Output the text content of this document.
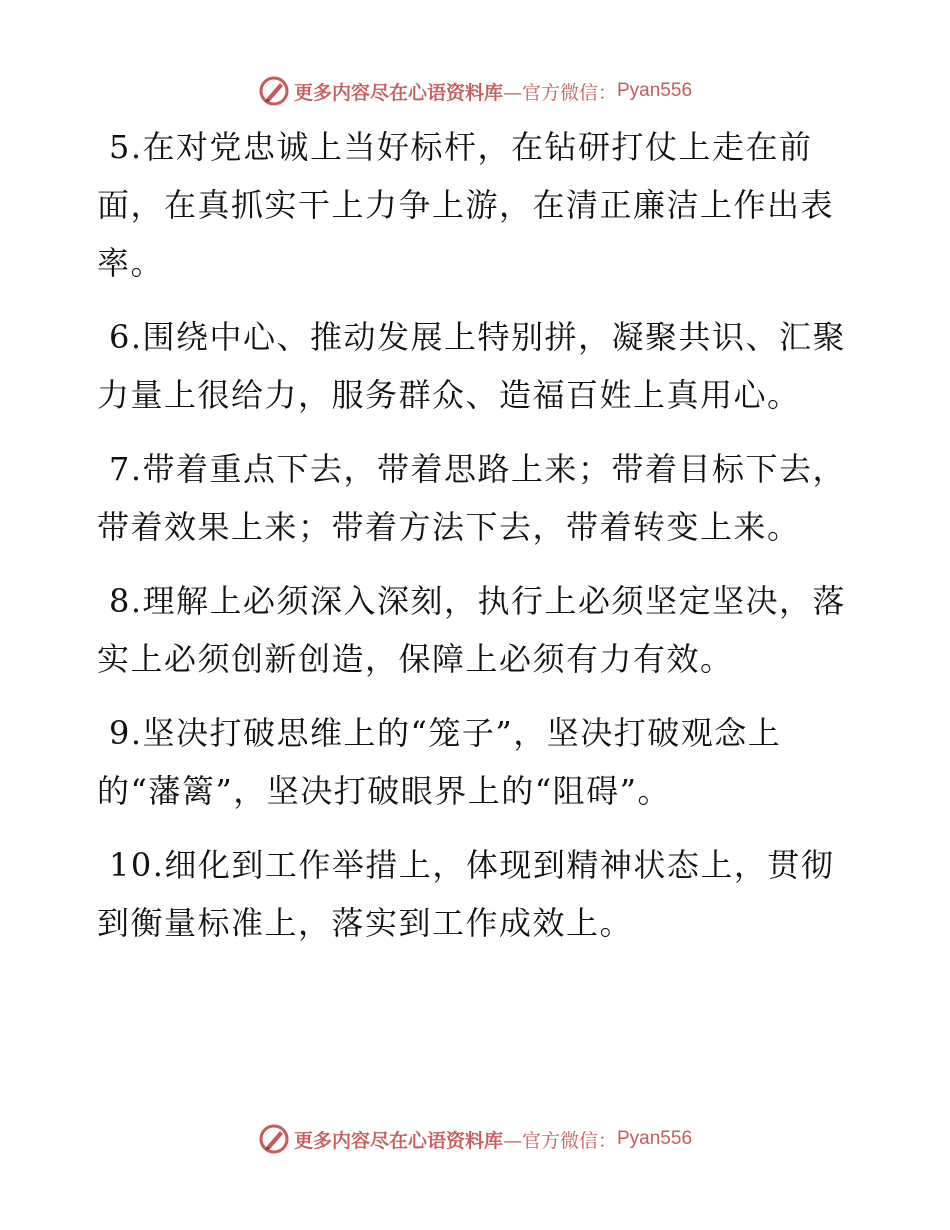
更多内容尽在心语资料库 —官方微信： Pyan556

5.在对党忠诚上当好标杆，在钻研打仗上走在前面，在真抓实干上力争上游，在清正廉洁上作出表率。

6.围绕中心、推动发展上特别拼，凝聚共识、汇聚力量上很给力，服务群众、造福百姓上真用心。

7.带着重点下去，带着思路上来；带着目标下去，带着效果上来；带着方法下去，带着转变上来。

8.理解上必须深入深刻，执行上必须坚定坚决，落实上必须创新创造，保障上必须有力有效。

9.坚决打破思维上的“笼子”，坚决打破观念上的“藩篱”，坚决打破眼界上的“阻碍”。

10.细化到工作举措上，体现到精神状态上，贯彻到衡量标准上，落实到工作成效上。

更多内容尽在心语资料库 —官方微信： Pyan556
